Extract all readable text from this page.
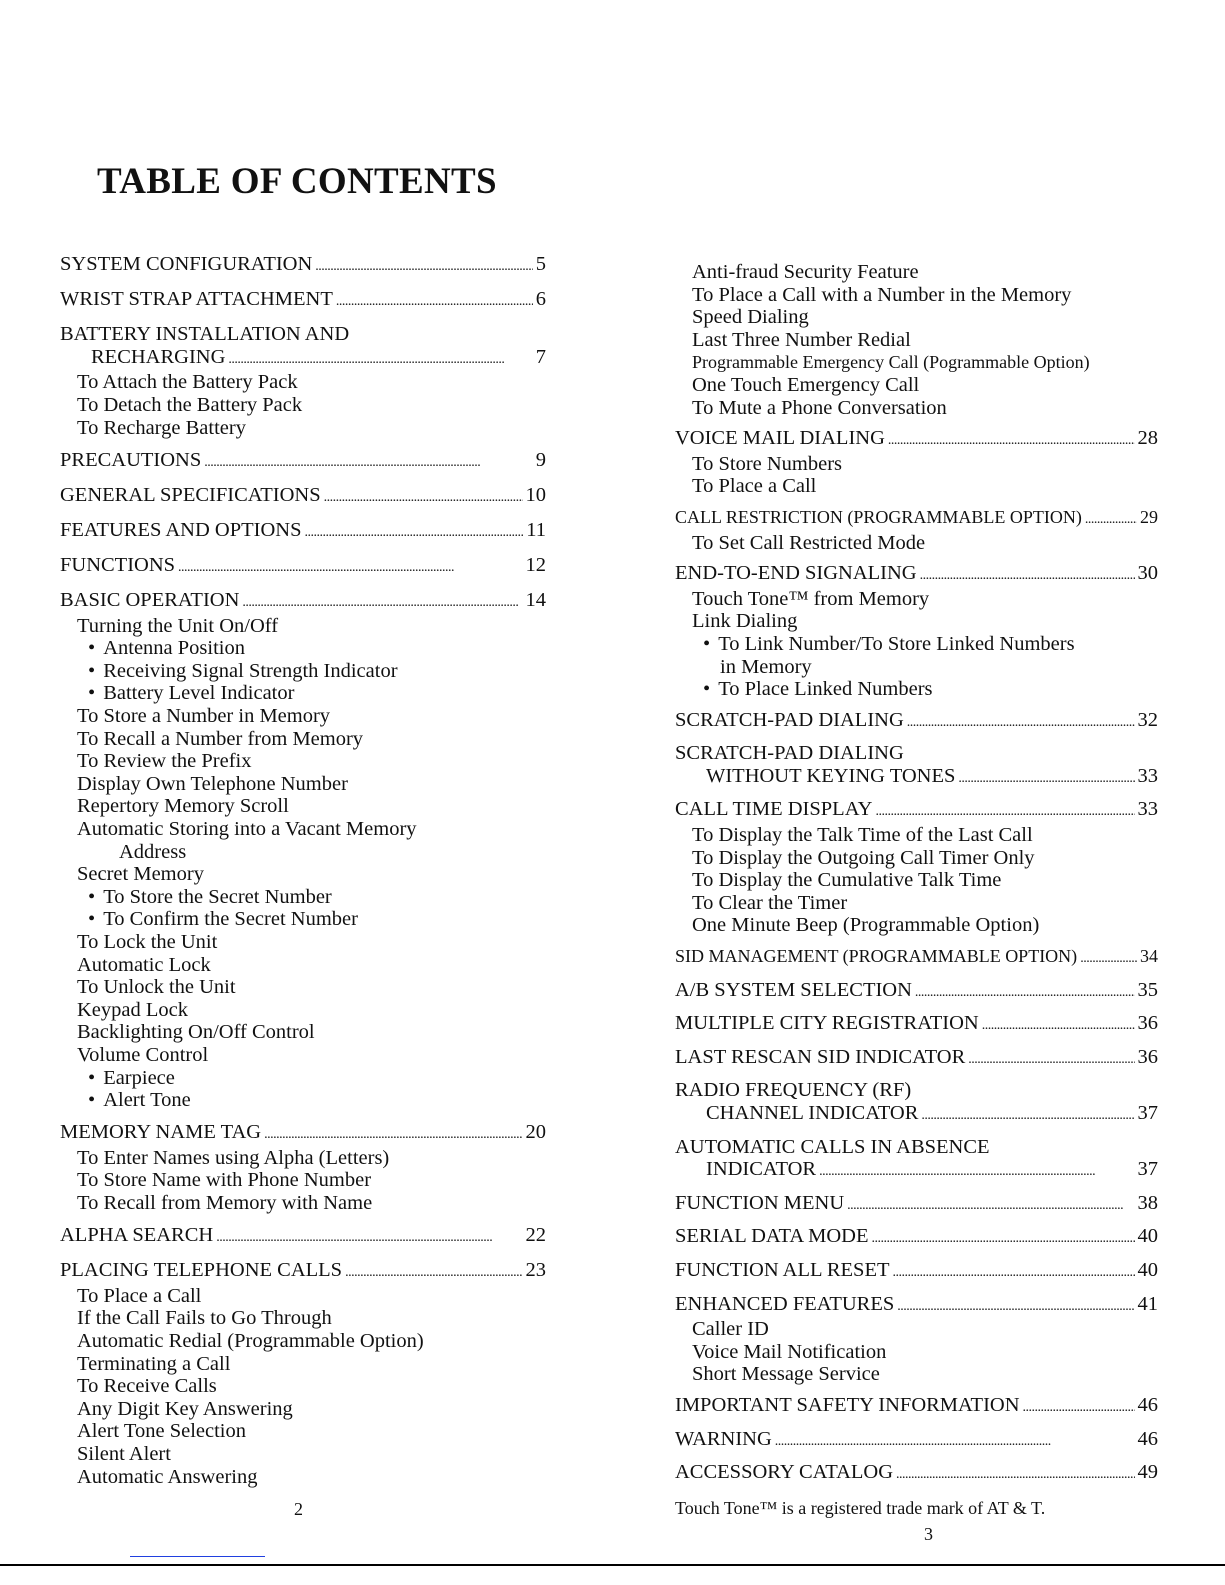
TABLE OF CONTENTS
SYSTEM CONFIGURATION . . .	5
WRIST STRAP ATTACHMENT . . .	6
BATTERY INSTALLATION AND
RECHARGING . . .	7
To Attach the Battery Pack
To Detach the Battery Pack
To Recharge Battery
PRECAUTIONS . . .	9
GENERAL SPECIFICATIONS . . .	10
FEATURES AND OPTIONS . . .	11
FUNCTIONS . . .	12
BASIC OPERATION . . .	14
Turning the Unit On/Off
• Antenna Position
• Receiving Signal Strength Indicator
• Battery Level Indicator
To Store a Number in Memory
To Recall a Number from Memory
To Review the Prefix
Display Own Telephone Number
Repertory Memory Scroll
Automatic Storing into a Vacant Memory
Address
Secret Memory
• To Store the Secret Number
• To Confirm the Secret Number
To Lock the Unit
Automatic Lock
To Unlock the Unit
Keypad Lock
Backlighting On/Off Control
Volume Control
• Earpiece
• Alert Tone
MEMORY NAME TAG . . .	20
To Enter Names using Alpha (Letters)
To Store Name with Phone Number
To Recall from Memory with Name
ALPHA SEARCH . . .	22
PLACING TELEPHONE CALLS . . .	23
To Place a Call
If the Call Fails to Go Through
Automatic Redial (Programmable Option)
Terminating a Call
To Receive Calls
Any Digit Key Answering
Alert Tone Selection
Silent Alert
Automatic Answering
2
Anti-fraud Security Feature
To Place a Call with a Number in the Memory
Speed Dialing
Last Three Number Redial
Programmable Emergency Call (Pogrammable Option)
One Touch Emergency Call
To Mute a Phone Conversation
VOICE MAIL DIALING . . .	28
To Store Numbers
To Place a Call
CALL RESTRICTION (PROGRAMMABLE OPTION) . . .	29
To Set Call Restricted Mode
END-TO-END SIGNALING . . .	30
Touch Tone™ from Memory
Link Dialing
• To Link Number/To Store Linked Numbers
in Memory
• To Place Linked Numbers
SCRATCH-PAD DIALING . . .	32
SCRATCH-PAD DIALING
WITHOUT KEYING TONES . . .	33
CALL TIME DISPLAY . . .	33
To Display the Talk Time of the Last Call
To Display the Outgoing Call Timer Only
To Display the Cumulative Talk Time
To Clear the Timer
One Minute Beep (Programmable Option)
SID MANAGEMENT (PROGRAMMABLE OPTION) . . .	34
A/B SYSTEM SELECTION . . .	35
MULTIPLE CITY REGISTRATION . . .	36
LAST RESCAN SID INDICATOR . . .	36
RADIO FREQUENCY (RF)
CHANNEL INDICATOR . . .	37
AUTOMATIC CALLS IN ABSENCE
INDICATOR . . .	37
FUNCTION MENU . . .	38
SERIAL DATA MODE . . .	40
FUNCTION ALL RESET . . .	40
ENHANCED FEATURES . . .	41
Caller ID
Voice Mail Notification
Short Message Service
IMPORTANT SAFETY INFORMATION . . .	46
WARNING . . .	46
ACCESSORY CATALOG . . .	49
Touch Tone™ is a registered trade mark of AT & T.
3
